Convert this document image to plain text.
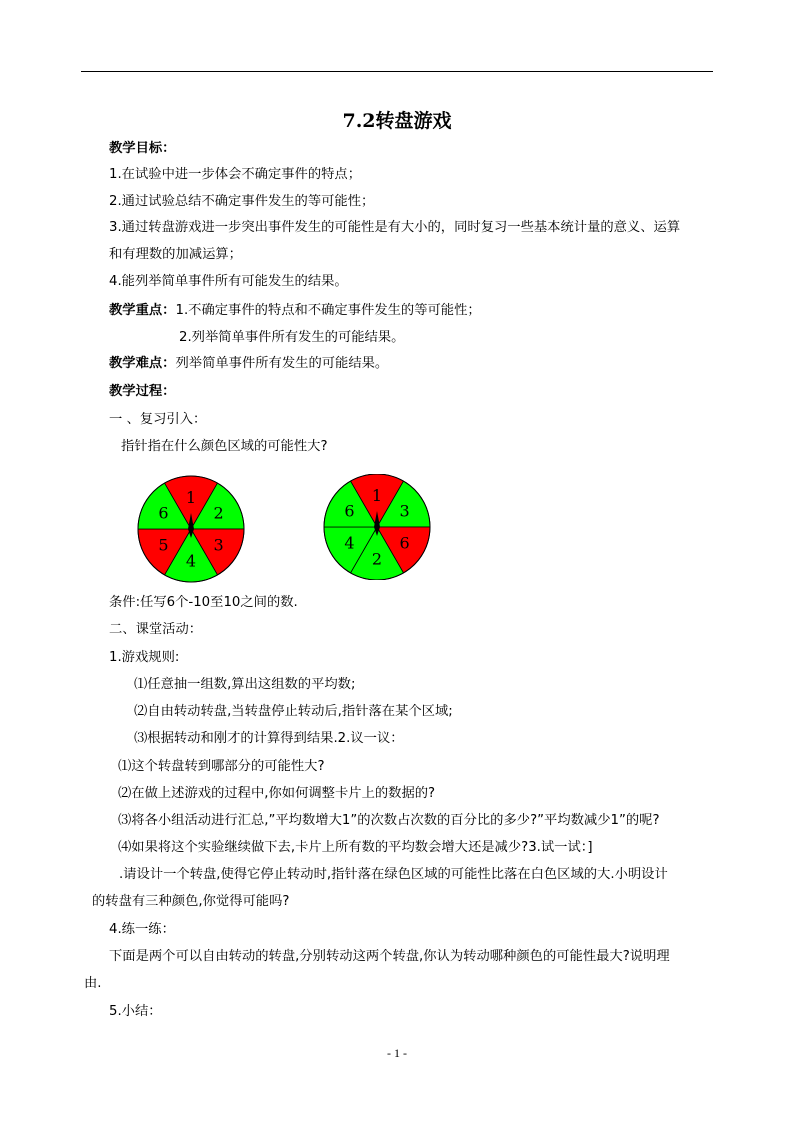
7.2转盘游戏
教学目标：
1.在试验中进一步体会不确定事件的特点；
2.通过试验总结不确定事件发生的等可能性；
3.通过转盘游戏进一步突出事件发生的可能性是有大小的，同时复习一些基本统计量的意义、运算
和有理数的加减运算；
4.能列举简单事件所有可能发生的结果。
教学重点：1.不确定事件的特点和不确定事件发生的等可能性；
2.列举简单事件所有发生的可能结果。
教学难点：列举简单事件所有发生的可能结果。
教学过程：
一 、复习引入：
指针指在什么颜色区域的可能性大?
1
2
3
4
5
6
1
3
6
2
4
6
条件:任写6个-10至10之间的数.
二、课堂活动：
1.游戏规则:
⑴任意抽一组数,算出这组数的平均数;
⑵自由转动转盘,当转盘停止转动后,指针落在某个区域;
⑶根据转动和刚才的计算得到结果.2.议一议：
⑴这个转盘转到哪部分的可能性大?
⑵在做上述游戏的过程中,你如何调整卡片上的数据的?
⑶将各小组活动进行汇总,”平均数增大1”的次数占次数的百分比的多少?”平均数减少1”的呢?
⑷如果将这个实验继续做下去,卡片上所有数的平均数会增大还是减少?3.试一试：]
.请设计一个转盘,使得它停止转动时,指针落在绿色区域的可能性比落在白色区域的大.小明设计
的转盘有三种颜色,你觉得可能吗?
4.练一练：
下面是两个可以自由转动的转盘,分别转动这两个转盘,你认为转动哪种颜色的可能性最大?说明理
由.
5.小结：
- 1 -
